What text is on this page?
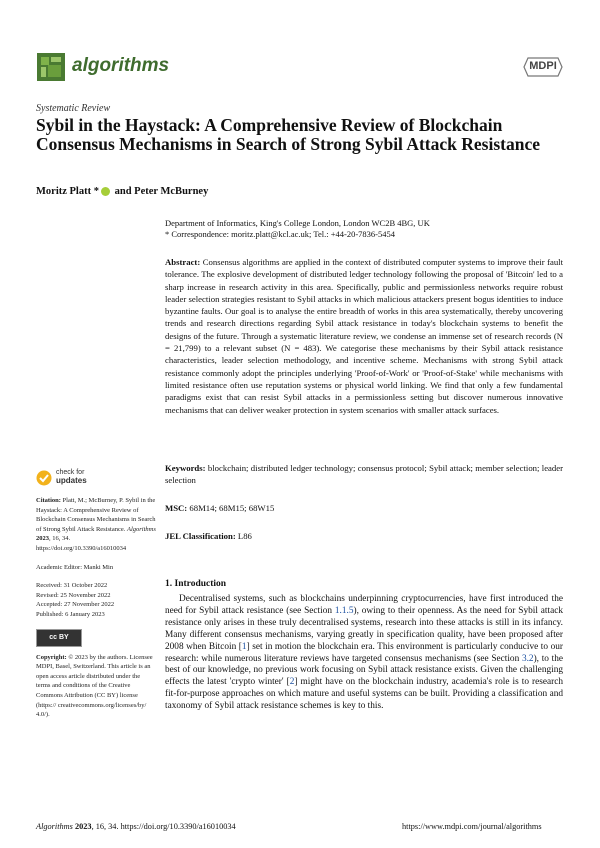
algorithms	MDPI
Systematic Review
Sybil in the Haystack: A Comprehensive Review of Blockchain Consensus Mechanisms in Search of Strong Sybil Attack Resistance
Moritz Platt * and Peter McBurney
Department of Informatics, King's College London, London WC2B 4BG, UK
* Correspondence: moritz.platt@kcl.ac.uk; Tel.: +44-20-7836-5454
Abstract: Consensus algorithms are applied in the context of distributed computer systems to improve their fault tolerance. The explosive development of distributed ledger technology following the proposal of 'Bitcoin' led to a sharp increase in research activity in this area. Specifically, public and permissionless networks require robust leader selection strategies resistant to Sybil attacks in which malicious attackers present bogus identities to induce byzantine faults. Our goal is to analyse the entire breadth of works in this area systematically, thereby uncovering trends and research directions regarding Sybil attack resistance in today's blockchain systems to benefit the designs of the future. Through a systematic literature review, we condense an immense set of research records (N = 21,799) to a relevant subset (N = 483). We categorise these mechanisms by their Sybil attack resistance characteristics, leader selection methodology, and incentive scheme. Mechanisms with strong Sybil attack resistance commonly adopt the principles underlying 'Proof-of-Work' or 'Proof-of-Stake' while mechanisms with limited resistance often use reputation systems or physical world linking. We find that only a few fundamental paradigms exist that can resist Sybil attacks in a permissionless setting but discover numerous innovative mechanisms that can deliver weaker protection in system scenarios with smaller attack surfaces.
Keywords: blockchain; distributed ledger technology; consensus protocol; Sybil attack; member selection; leader selection
MSC: 68M14; 68M15; 68W15
JEL Classification: L86
1. Introduction
Decentralised systems, such as blockchains underpinning cryptocurrencies, have first introduced the need for Sybil attack resistance (see Section 1.1.5), owing to their openness. As the need for Sybil attack resistance only arises in these truly decentralised systems, research into these attacks is still in its infancy. Many different consensus mechanisms, varying greatly in specification quality, have been proposed after 2008 when Bitcoin [1] set in motion the blockchain era. This environment is particularly conducive to our research: while numerous literature reviews have targeted consensus mechanisms (see Section 3.2), to the best of our knowledge, no previous work focusing on Sybil attack resistance exists. Given the challenging effects the latest 'crypto winter' [2] might have on the blockchain industry, academia's role is to research fit-for-purpose approaches on which mature and useful systems can be built. Providing a classification and taxonomy of Sybil attack resistance schemes is key to this.
check for
updates
Citation: Platt, M.; McBurney, P. Sybil in the Haystack: A Comprehensive Review of Blockchain Consensus Mechanisms in Search of Strong Sybil Attack Resistance. Algorithms 2023, 16, 34. https://doi.org/10.3390/a16010034
Academic Editor: Manki Min
Received: 31 October 2022
Revised: 25 November 2022
Accepted: 27 November 2022
Published: 6 January 2023
cc BY
Copyright: © 2023 by the authors. Licensee MDPI, Basel, Switzerland. This article is an open access article distributed under the terms and conditions of the Creative Commons Attribution (CC BY) license (https:// creativecommons.org/licenses/by/ 4.0/).
Algorithms 2023, 16, 34. https://doi.org/10.3390/a16010034	https://www.mdpi.com/journal/algorithms
